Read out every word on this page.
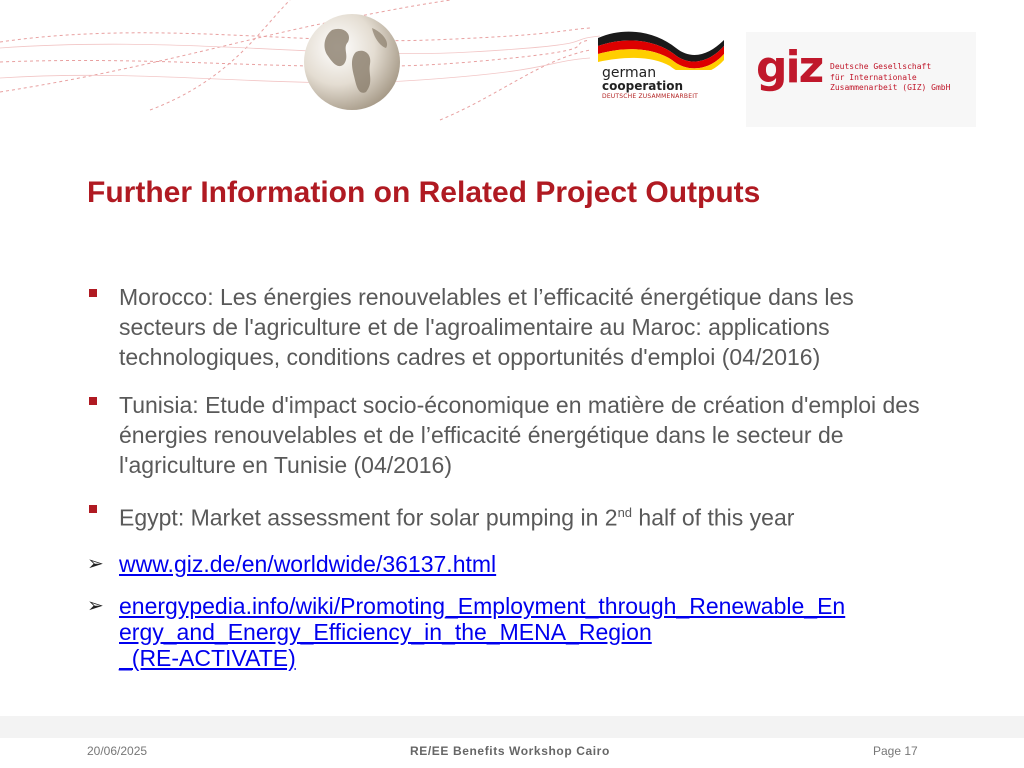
german
cooperation
DEUTSCHE ZUSAMMENARBEIT
giz Deutsche Gesellschaft
für Internationale
Zusammenarbeit (GIZ) GmbH
Further Information on Related Project Outputs
Morocco: Les énergies renouvelables et l’efficacité énergétique dans les secteurs de l'agriculture et de l'agroalimentaire au Maroc: applications technologiques, conditions cadres et opportunités d'emploi (04/2016)
Tunisia: Etude d'impact socio-économique en matière de création d'emploi des énergies renouvelables et de l’efficacité énergétique dans le secteur de l'agriculture en Tunisie (04/2016)
Egypt: Market assessment for solar pumping in 2nd half of this year
➢ www.giz.de/en/worldwide/36137.html
➢ energypedia.info/wiki/Promoting_Employment_through_Renewable_En
ergy_and_Energy_Efficiency_in_the_MENA_Region
_(RE-ACTIVATE)
20/06/2025	RE/EE Benefits Workshop Cairo	Page 17
